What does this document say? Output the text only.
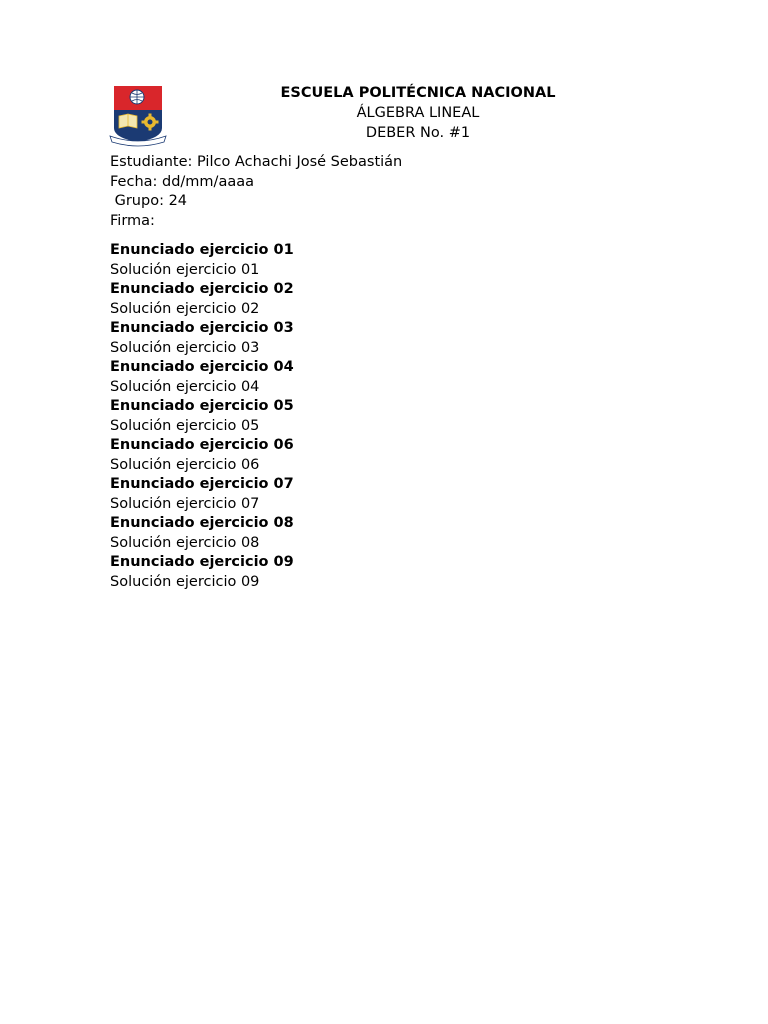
ESCUELA POLITÉCNICA NACIONAL
ÁLGEBRA LINEAL
DEBER No. #1
Estudiante: Pilco Achachi José Sebastián
Fecha: dd/mm/aaaa
Grupo: 24
Firma:
Enunciado ejercicio 01
Solución ejercicio 01
Enunciado ejercicio 02
Solución ejercicio 02
Enunciado ejercicio 03
Solución ejercicio 03
Enunciado ejercicio 04
Solución ejercicio 04
Enunciado ejercicio 05
Solución ejercicio 05
Enunciado ejercicio 06
Solución ejercicio 06
Enunciado ejercicio 07
Solución ejercicio 07
Enunciado ejercicio 08
Solución ejercicio 08
Enunciado ejercicio 09
Solución ejercicio 09
